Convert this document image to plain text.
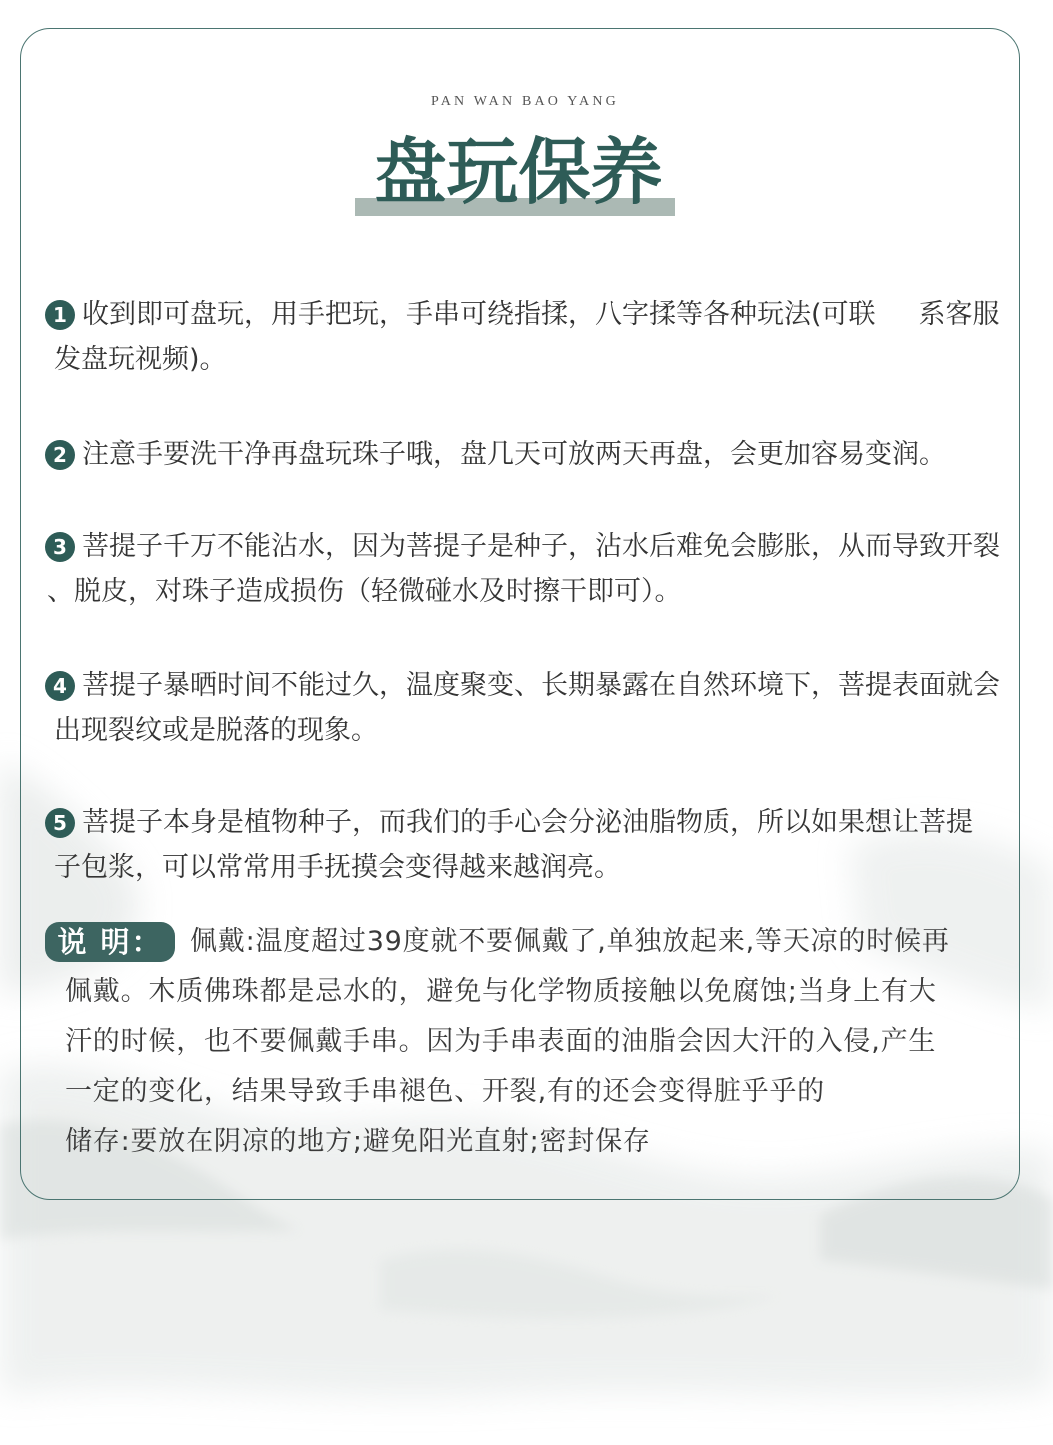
PAN WAN BAO YANG
盘玩保养
1 收到即可盘玩，用手把玩，手串可绕指揉，八字揉等各种玩法(可联     系客服
发盘玩视频)。
2 注意手要洗干净再盘玩珠子哦，盘几天可放两天再盘，会更加容易变润。
3 菩提子千万不能沾水，因为菩提子是种子，沾水后难免会膨胀，从而导致开裂
、脱皮，对珠子造成损伤（轻微碰水及时擦干即可）。
4 菩提子暴晒时间不能过久，温度聚变、长期暴露在自然环境下，菩提表面就会
出现裂纹或是脱落的现象。
5 菩提子本身是植物种子，而我们的手心会分泌油脂物质，所以如果想让菩提
子包浆，可以常常用手抚摸会变得越来越润亮。
说 明：	佩戴:温度超过39度就不要佩戴了,单独放起来,等天凉的时候再
佩戴。木质佛珠都是忌水的，避免与化学物质接触以免腐蚀;当身上有大
汗的时候，也不要佩戴手串。因为手串表面的油脂会因大汗的入侵,产生
一定的变化，结果导致手串褪色、开裂,有的还会变得脏乎乎的
储存:要放在阴凉的地方;避免阳光直射;密封保存
